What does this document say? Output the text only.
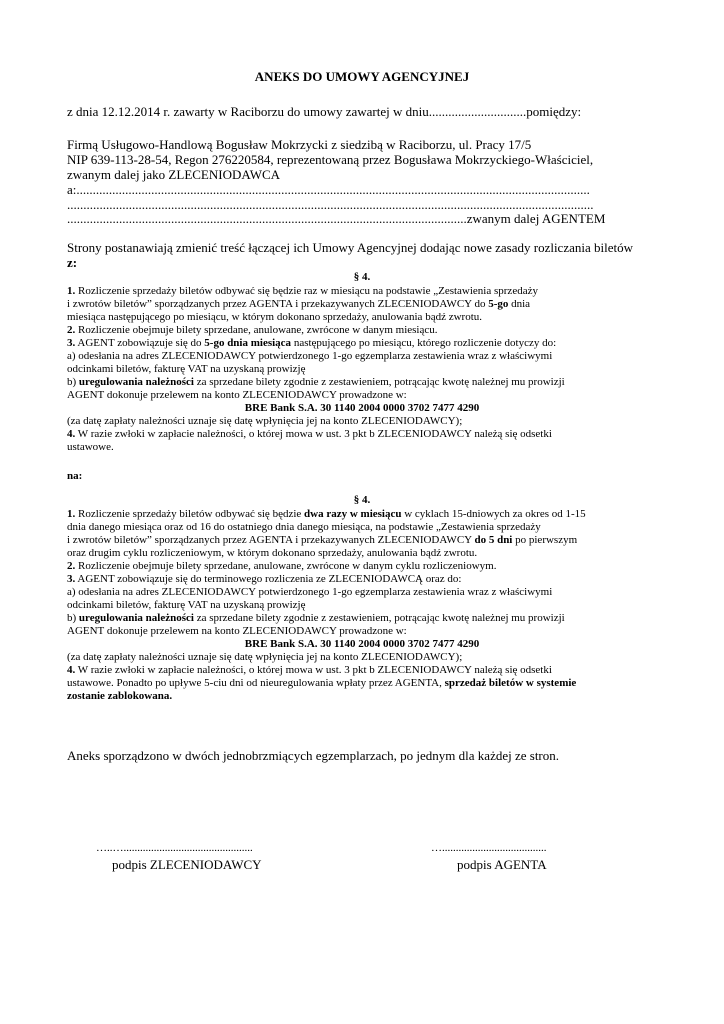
ANEKS DO UMOWY AGENCYJNEJ
z dnia 12.12.2014 r. zawarty w Raciborzu do umowy zawartej w dniu..............................pomiędzy:
Firmą Usługowo-Handlową Bogusław Mokrzycki z siedzibą w Raciborzu, ul. Pracy 17/5
NIP 639-113-28-54, Regon 276220584, reprezentowaną przez Bogusława Mokrzyckiego-Właściciel,
zwanym dalej jako ZLECENIODAWCA
a:..............................................................................................................................................................
..................................................................................................................................................................
...........................................................................................................................zwanym dalej AGENTEM
Strony postanawiają zmienić treść łączącej ich Umowy Agencyjnej dodając nowe zasady rozliczania biletów
z:
§ 4.
1. Rozliczenie sprzedaży biletów odbywać się będzie raz w miesiącu na podstawie „Zestawienia sprzedaży
i zwrotów biletów” sporządzanych przez AGENTA i przekazywanych ZLECENIODAWCY do 5-go dnia
miesiąca następującego po miesiącu, w którym dokonano sprzedaży, anulowania bądź zwrotu.
2. Rozliczenie obejmuje bilety sprzedane, anulowane, zwrócone w danym miesiącu.
3. AGENT zobowiązuje się do 5-go dnia miesiąca następującego po miesiącu, którego rozliczenie dotyczy do:
a) odesłania na adres ZLECENIODAWCY potwierdzonego 1-go egzemplarza zestawienia wraz z właściwymi
odcinkami biletów, fakturę VAT na uzyskaną prowizję
b) uregulowania należności za sprzedane bilety zgodnie z zestawieniem, potrącając kwotę należnej mu prowizji
AGENT dokonuje przelewem na konto ZLECENIODAWCY prowadzone w:
BRE Bank S.A. 30 1140 2004 0000 3702 7477 4290
(za datę zapłaty należności uznaje się datę wpłynięcia jej na konto ZLECENIODAWCY);
4. W razie zwłoki w zapłacie należności, o której mowa w ust. 3 pkt b ZLECENIODAWCY należą się odsetki
ustawowe.
na:
§ 4.
1. Rozliczenie sprzedaży biletów odbywać się będzie dwa razy w miesiącu w cyklach 15-dniowych za okres od 1-15
dnia danego miesiąca oraz od 16 do ostatniego dnia danego miesiąca, na podstawie „Zestawienia sprzedaży
i zwrotów biletów” sporządzanych przez AGENTA i przekazywanych ZLECENIODAWCY do 5 dni po pierwszym
oraz drugim cyklu rozliczeniowym, w którym dokonano sprzedaży, anulowania bądź zwrotu.
2. Rozliczenie obejmuje bilety sprzedane, anulowane, zwrócone w danym cyklu rozliczeniowym.
3. AGENT zobowiązuje się do terminowego rozliczenia ze ZLECENIODAWCĄ oraz do:
a) odesłania na adres ZLECENIODAWCY potwierdzonego 1-go egzemplarza zestawienia wraz z właściwymi
odcinkami biletów, fakturę VAT na uzyskaną prowizję
b) uregulowania należności za sprzedane bilety zgodnie z zestawieniem, potrącając kwotę należnej mu prowizji
AGENT dokonuje przelewem na konto ZLECENIODAWCY prowadzone w:
BRE Bank S.A. 30 1140 2004 0000 3702 7477 4290
(za datę zapłaty należności uznaje się datę wpłynięcia jej na konto ZLECENIODAWCY);
4. W razie zwłoki w zapłacie należności, o której mowa w ust. 3 pkt b ZLECENIODAWCY należą się odsetki
ustawowe. Ponadto po upływe 5-ciu dni od nieuregulowania wpłaty przez AGENTA, sprzedaż biletów w systemie
zostanie zablokowana.
Aneks sporządzono w dwóch jednobrzmiących egzemplarzach, po jednym dla każdej ze stron.
…..…...............................................
podpis ZLECENIODAWCY
…......................................
podpis AGENTA
